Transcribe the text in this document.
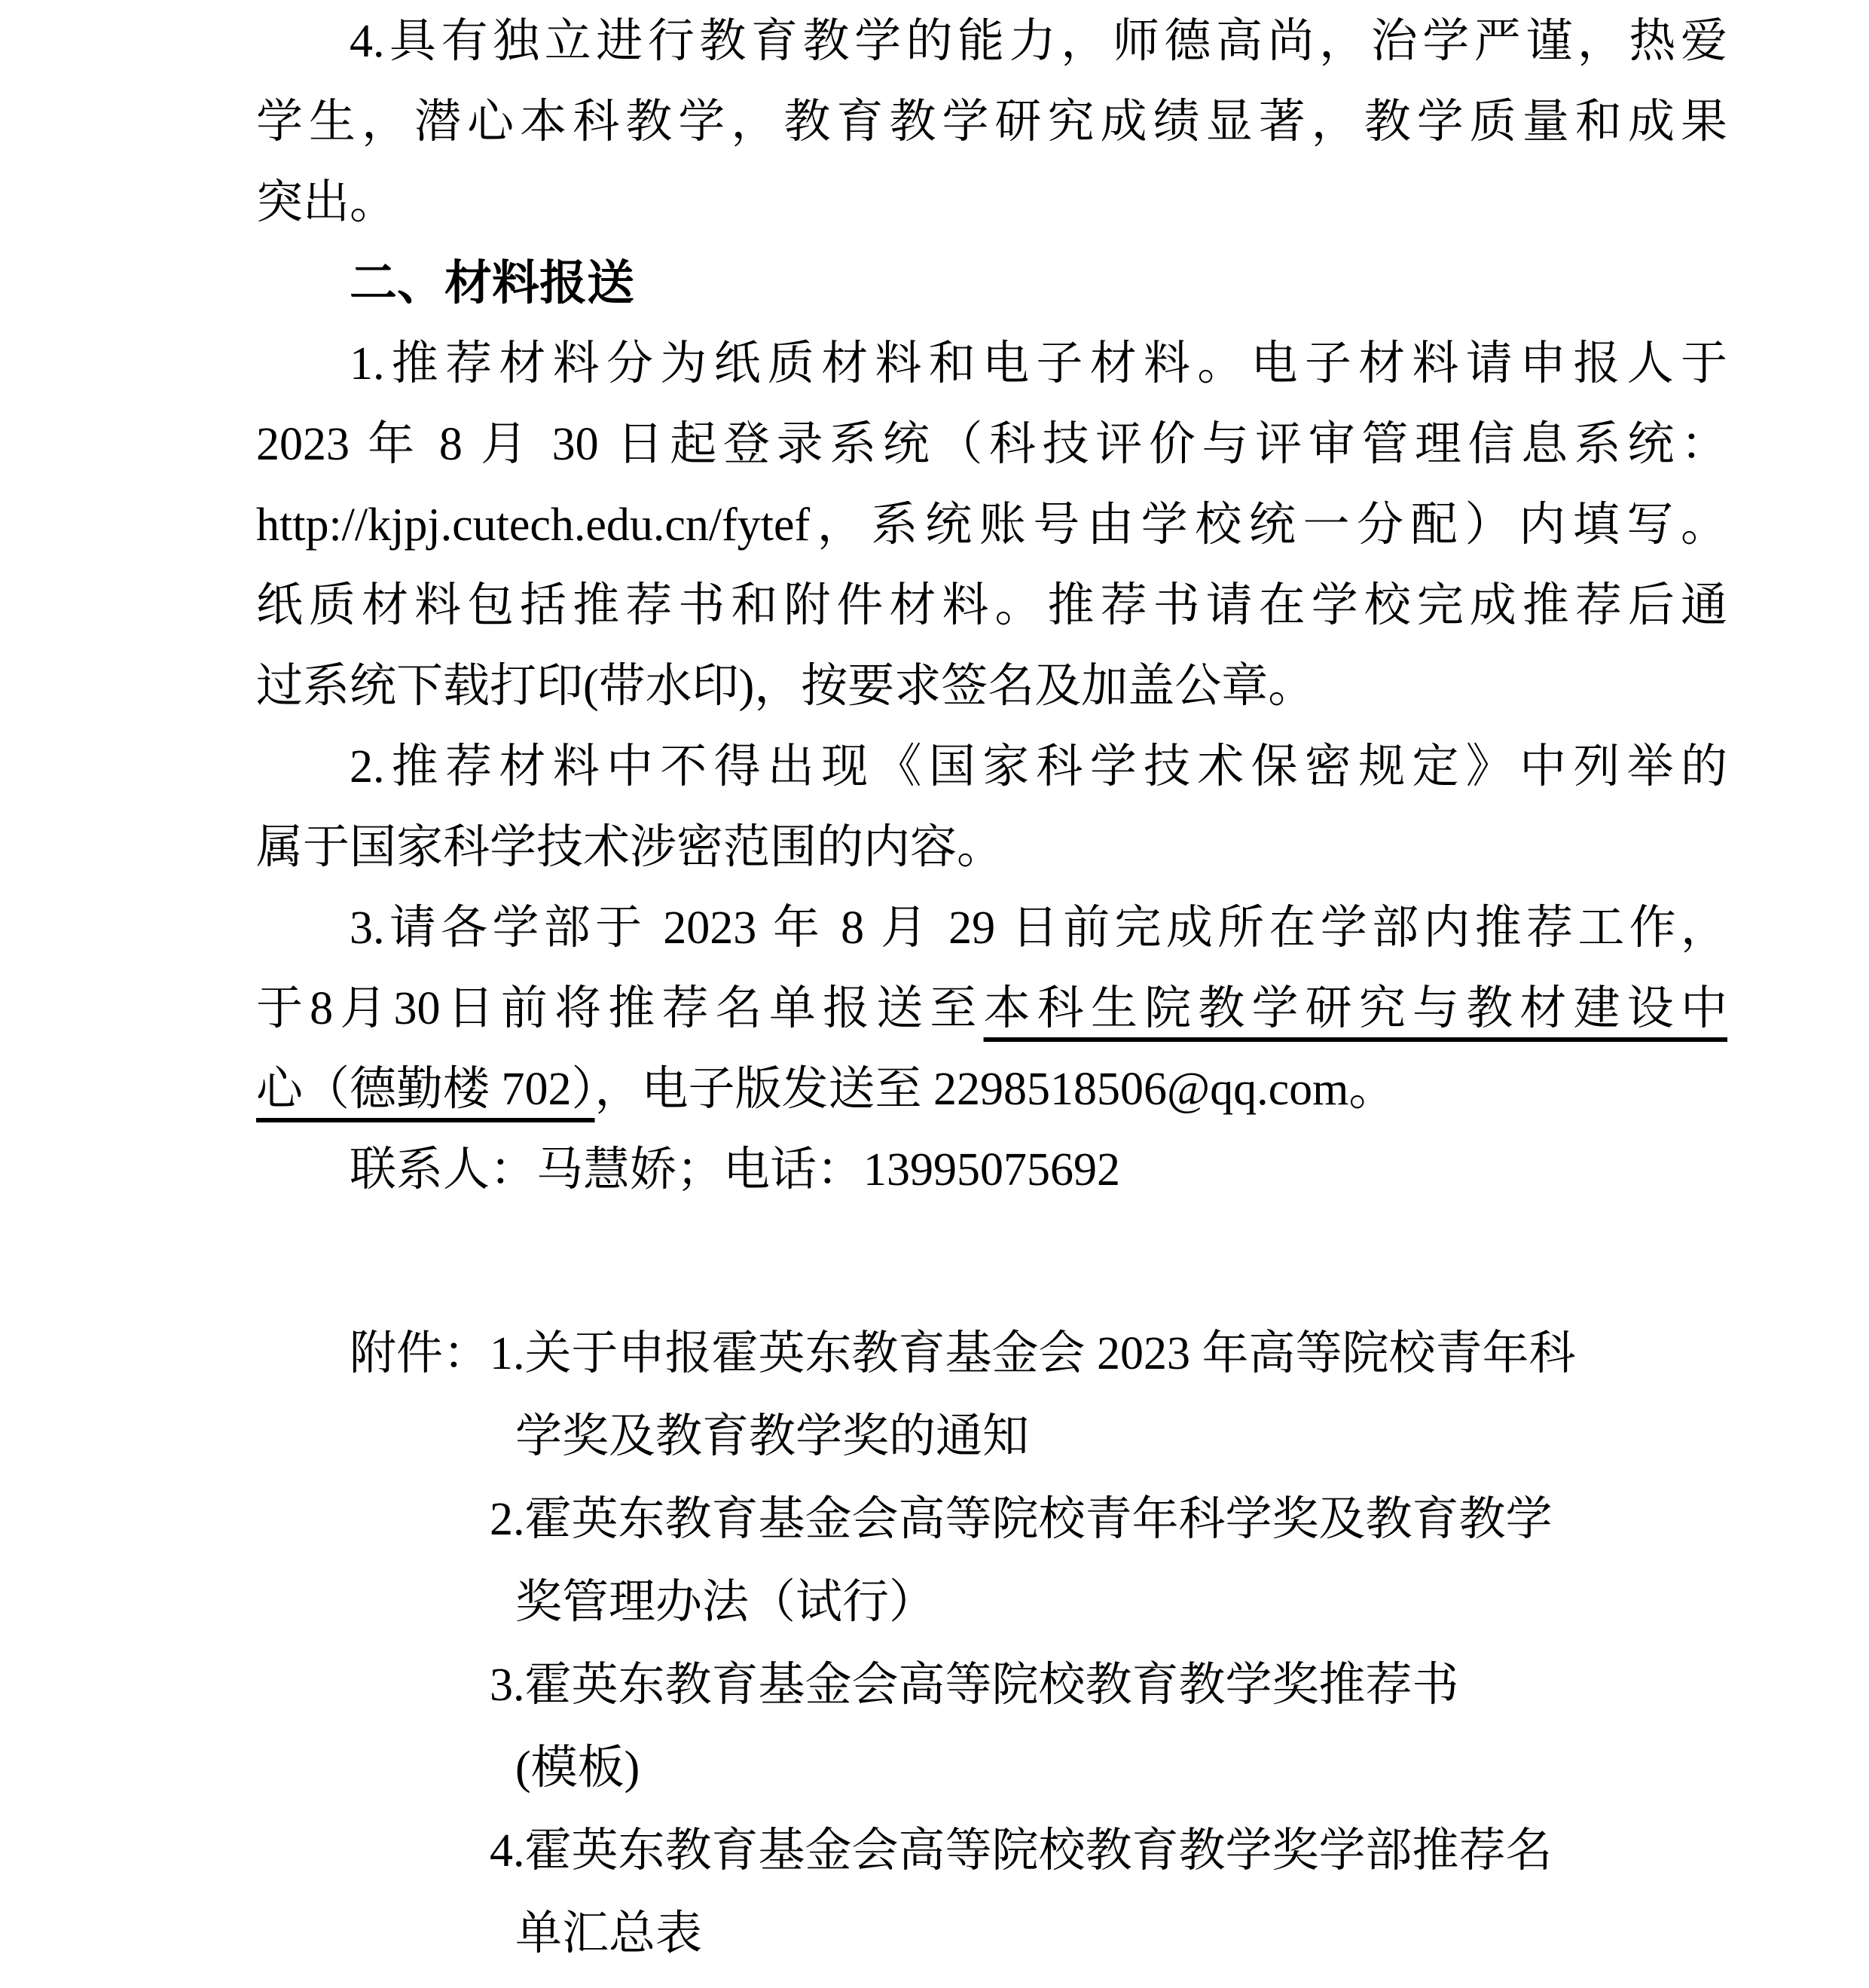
4.具有独立进行教育教学的能力，师德高尚，治学严谨，热爱
学生，潜心本科教学，教育教学研究成绩显著，教学质量和成果
突出。
二、材料报送
1.推荐材料分为纸质材料和电子材料。电子材料请申报人于
2023 年 8 月 30 日起登录系统（科技评价与评审管理信息系统：
http://kjpj.cutech.edu.cn/fytef，系统账号由学校统一分配）内填写。
纸质材料包括推荐书和附件材料。推荐书请在学校完成推荐后通
过系统下载打印(带水印)，按要求签名及加盖公章。
2.推荐材料中不得出现《国家科学技术保密规定》中列举的
属于国家科学技术涉密范围的内容。
3.请各学部于 2023 年 8 月 29 日前完成所在学部内推荐工作，
于8月30日前将推荐名单报送至本科生院教学研究与教材建设中
心（德勤楼 702），电子版发送至 2298518506@qq.com。
联系人：马慧娇；电话：13995075692
附件：1.关于申报霍英东教育基金会 2023 年高等院校青年科
学奖及教育教学奖的通知
2.霍英东教育基金会高等院校青年科学奖及教育教学
奖管理办法（试行）
3.霍英东教育基金会高等院校教育教学奖推荐书
(模板)
4.霍英东教育基金会高等院校教育教学奖学部推荐名
单汇总表
